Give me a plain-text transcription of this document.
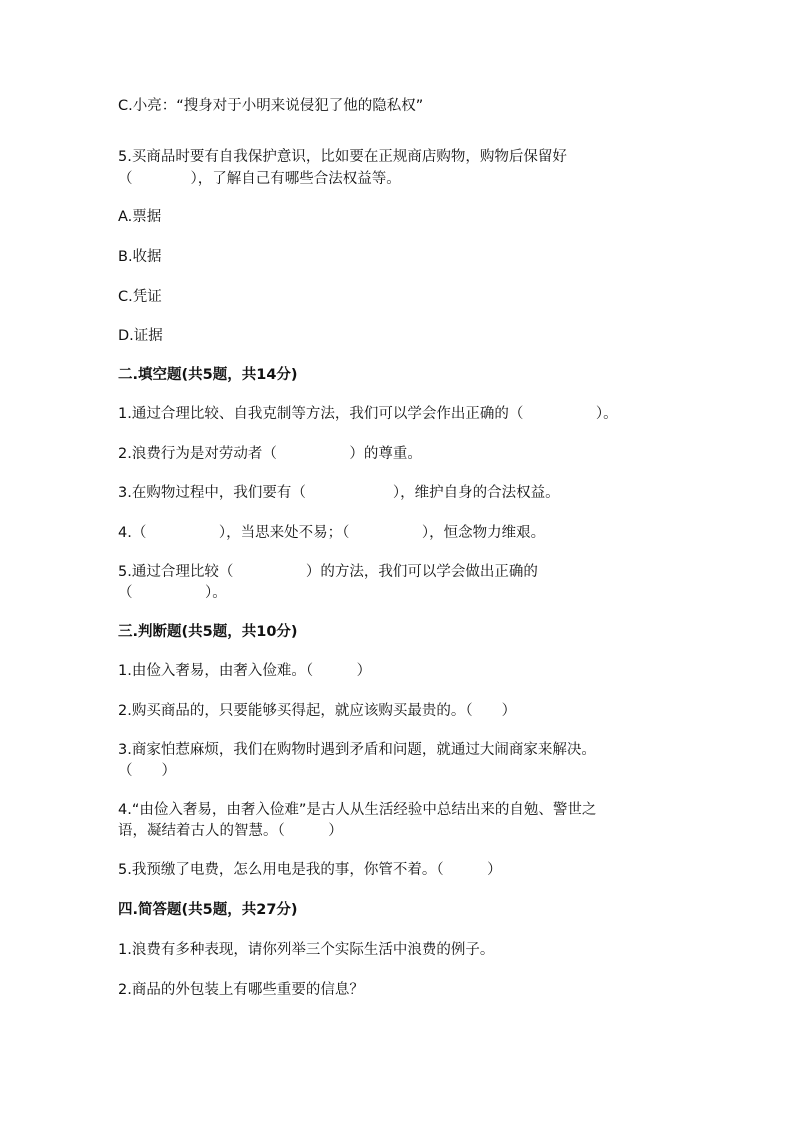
C.小亮：“搜身对于小明来说侵犯了他的隐私权”
5.买商品时要有自我保护意识，比如要在正规商店购物，购物后保留好
（　　　　），了解自己有哪些合法权益等。
A.票据
B.收据
C.凭证
D.证据
二.填空题(共5题，共14分)
1.通过合理比较、自我克制等方法，我们可以学会作出正确的（　　　　　）。
2.浪费行为是对劳动者（　　　　　）的尊重。
3.在购物过程中，我们要有（　　　　　　），维护自身的合法权益。
4.（　　　　　），当思来处不易；（　　　　　），恒念物力维艰。
5.通过合理比较（　　　　　）的方法，我们可以学会做出正确的
（　　　　　）。
三.判断题(共5题，共10分)
1.由俭入奢易，由奢入俭难。（　　　）
2.购买商品的，只要能够买得起，就应该购买最贵的。（　　）
3.商家怕惹麻烦，我们在购物时遇到矛盾和问题，就通过大闹商家来解决。
（　　）
4.“由俭入奢易，由奢入俭难”是古人从生活经验中总结出来的自勉、警世之
语，凝结着古人的智慧。（　　　）
5.我预缴了电费，怎么用电是我的事，你管不着。（　　　）
四.简答题(共5题，共27分)
1.浪费有多种表现，请你列举三个实际生活中浪费的例子。
2.商品的外包装上有哪些重要的信息？
